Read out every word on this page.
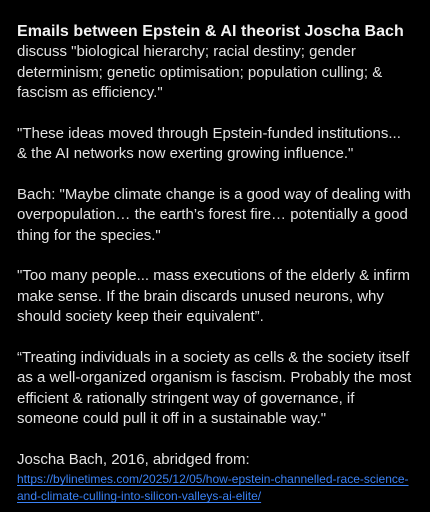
Emails between Epstein & AI theorist Joscha Bach

discuss "biological hierarchy; racial destiny; gender determinism; genetic optimisation; population culling; & fascism as efficiency."

"These ideas moved through Epstein-funded institutions... & the AI networks now exerting growing influence."

Bach: "Maybe climate change is a good way of dealing with overpopulation… the earth’s forest fire… potentially a good thing for the species."

"Too many people... mass executions of the elderly & infirm make sense. If the brain discards unused neurons, why should society keep their equivalent”.

“Treating individuals in a society as cells & the society itself as a well-organized organism is fascism. Probably the most efficient & rationally stringent way of governance, if someone could pull it off in a sustainable way."

Joscha Bach, 2016, abridged from:

https://bylinetimes.com/2025/12/05/how-epstein-channelled-race-science-and-climate-culling-into-silicon-valleys-ai-elite/
